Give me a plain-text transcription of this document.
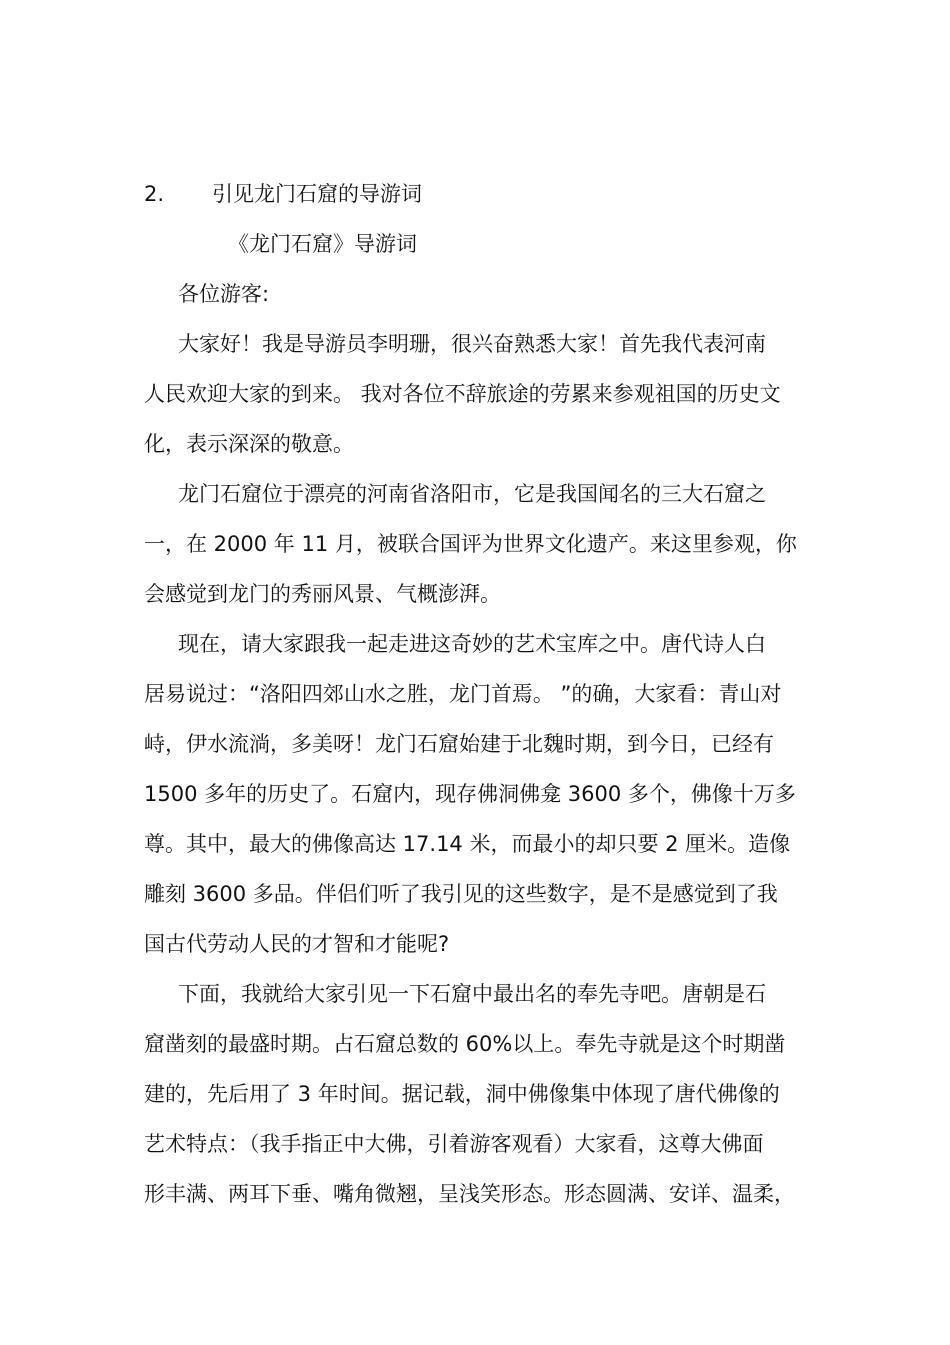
2. 引见龙门石窟的导游词
《龙门石窟》导游词
各位游客:
大家好！我是导游员李明珊，很兴奋熟悉大家！首先我代表河南
人民欢迎大家的到来。 我对各位不辞旅途的劳累来参观祖国的历史文
化，表示深深的敬意。
龙门石窟位于漂亮的河南省洛阳市，它是我国闻名的三大石窟之
一，在 2000 年 11 月，被联合国评为世界文化遗产。来这里参观，你
会感觉到龙门的秀丽风景、气概澎湃。
现在，请大家跟我一起走进这奇妙的艺术宝库之中。唐代诗人白
居易说过：“洛阳四郊山水之胜，龙门首焉。 ”的确，大家看：青山对
峙，伊水流淌，多美呀！龙门石窟始建于北魏时期，到今日，已经有
1500 多年的历史了。石窟内，现存佛洞佛龛 3600 多个，佛像十万多
尊。其中，最大的佛像高达 17.14 米，而最小的却只要 2 厘米。造像
雕刻 3600 多品。伴侣们听了我引见的这些数字，是不是感觉到了我
国古代劳动人民的才智和才能呢?
下面，我就给大家引见一下石窟中最出名的奉先寺吧。唐朝是石
窟凿刻的最盛时期。占石窟总数的 60%以上。奉先寺就是这个时期凿
建的，先后用了 3 年时间。据记载，洞中佛像集中体现了唐代佛像的
艺术特点：（我手指正中大佛，引着游客观看）大家看，这尊大佛面
形丰满、两耳下垂、嘴角微翘，呈浅笑形态。形态圆满、安详、温柔，
